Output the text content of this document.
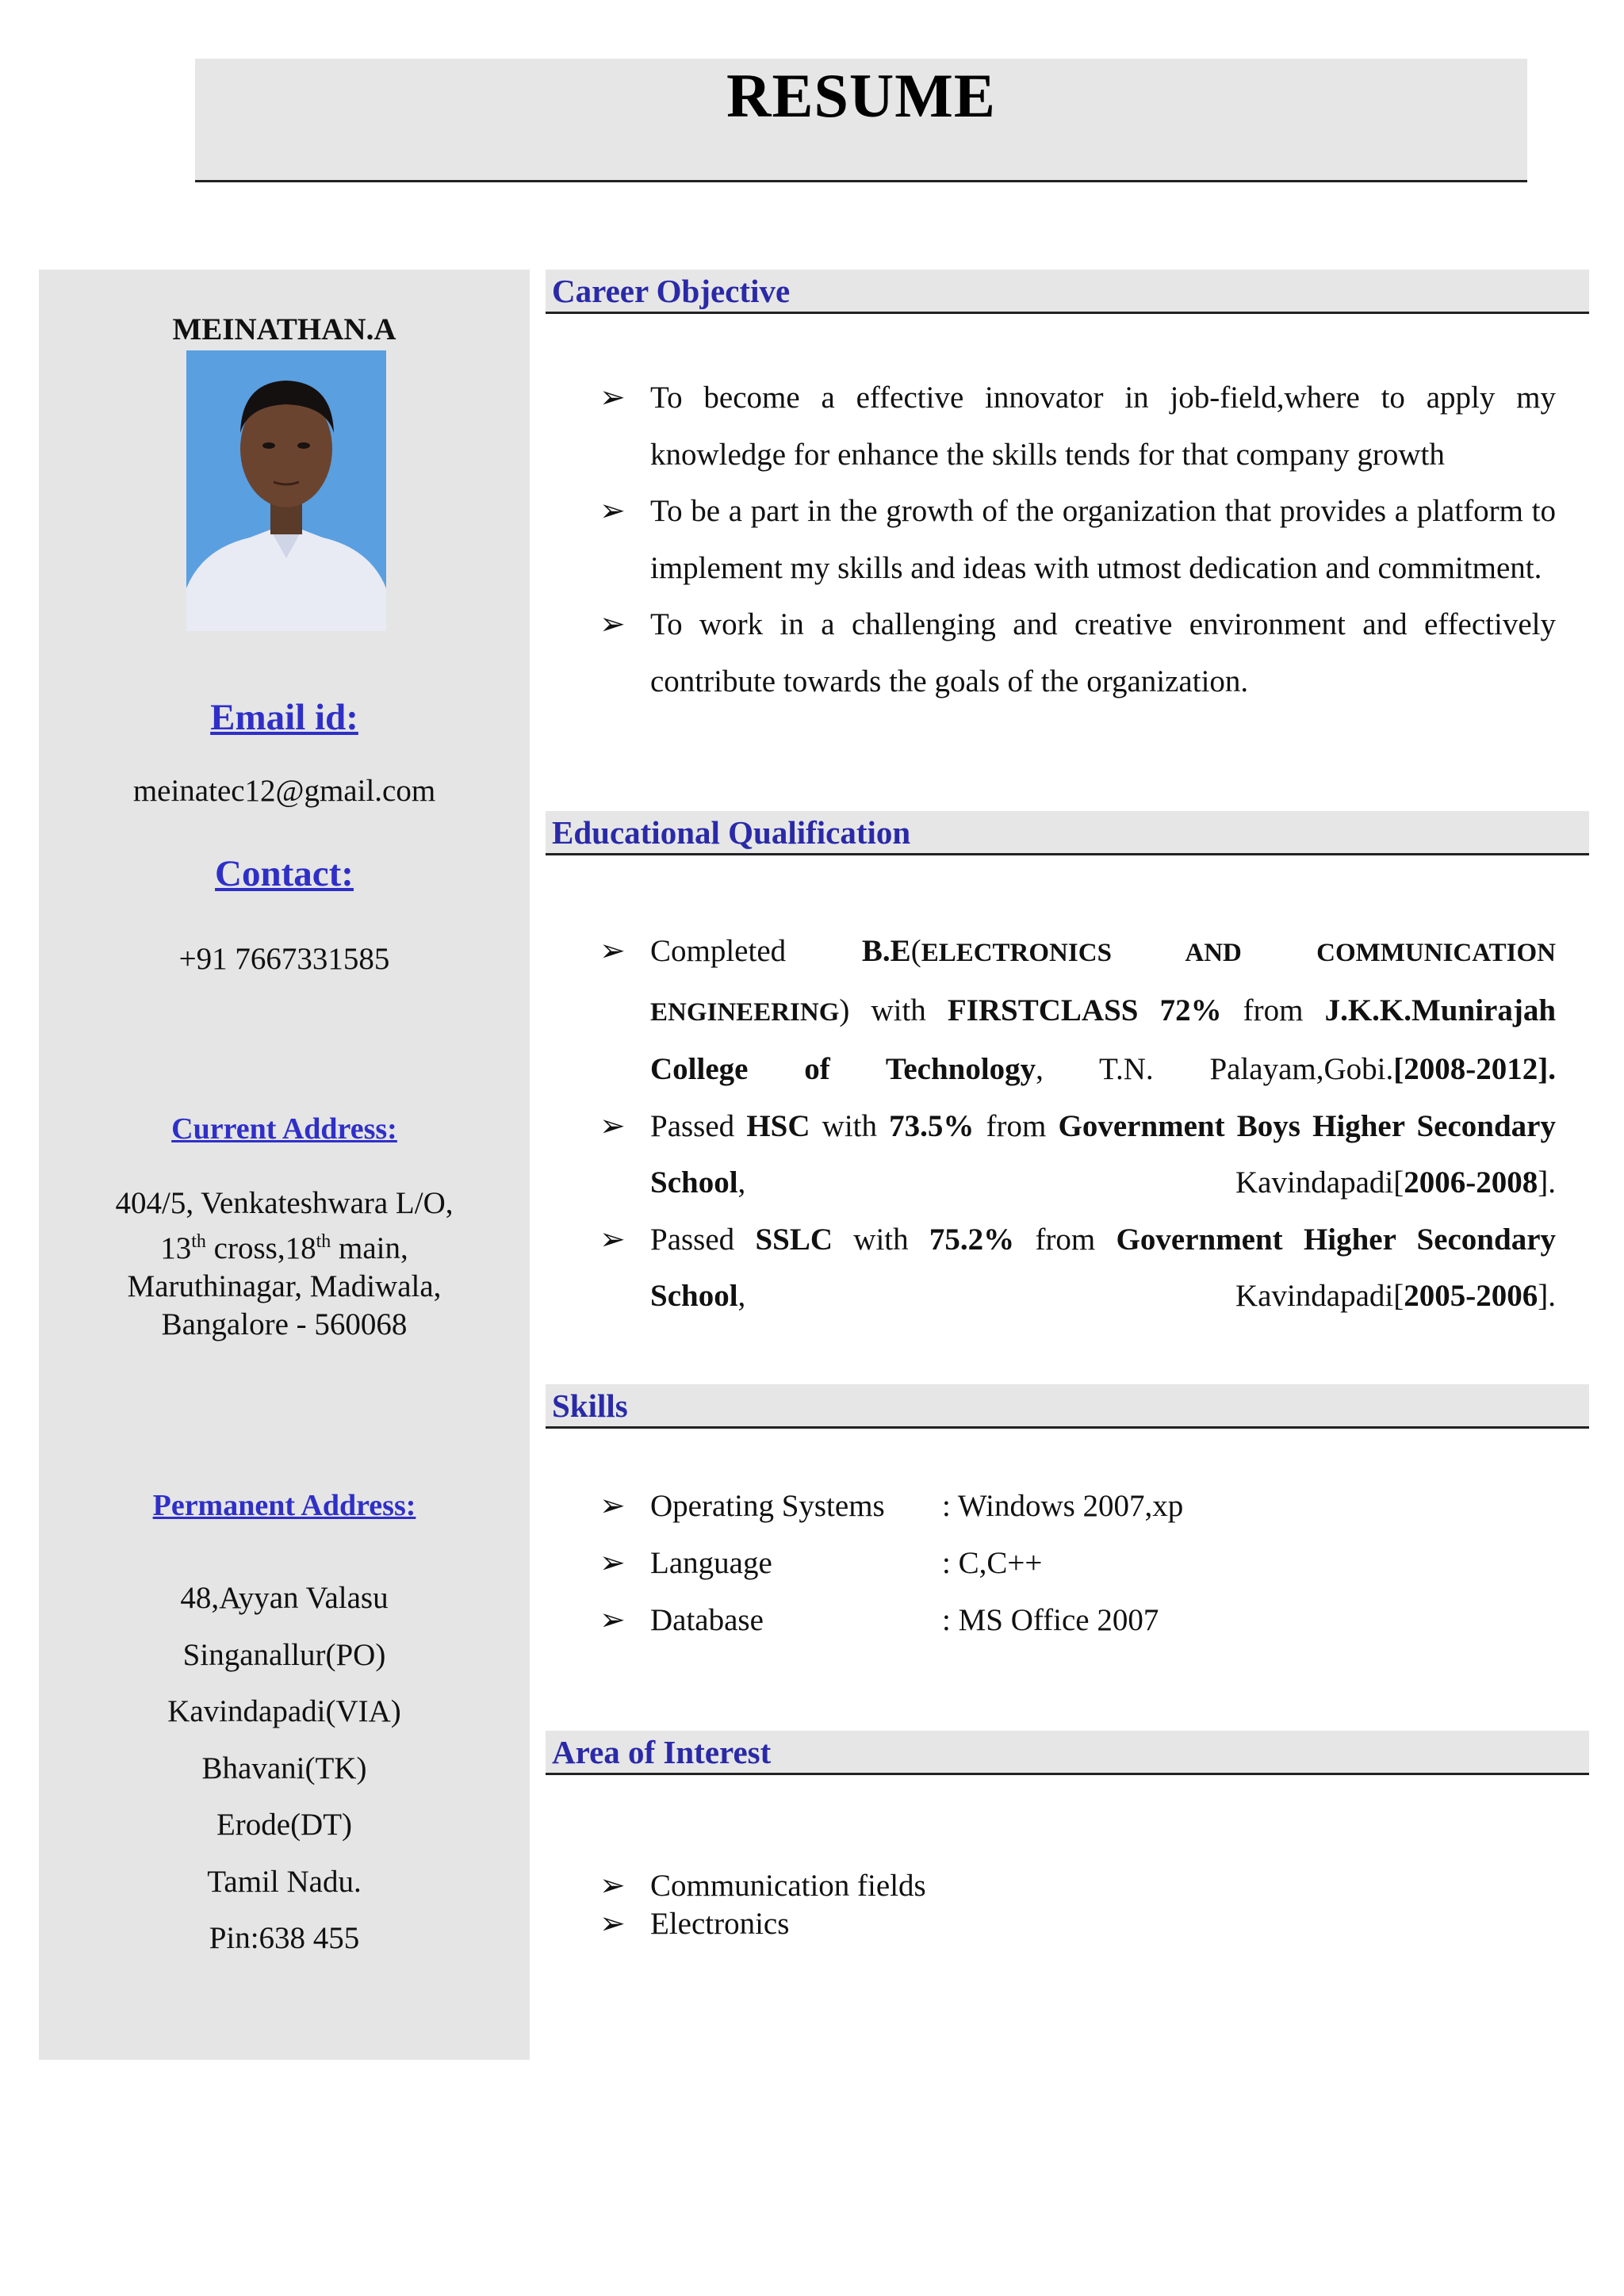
RESUME
MEINATHAN.A
Email id:
meinatec12@gmail.com
Contact:
+91 7667331585
Current Address:
404/5, Venkateshwara L/O,
13th cross,18th main,
Maruthinagar, Madiwala,
Bangalore - 560068
Permanent Address:
48,Ayyan Valasu
Singanallur(PO)
Kavindapadi(VIA)
Bhavani(TK)
Erode(DT)
Tamil Nadu.
Pin:638 455
Career Objective
➢ To become a effective innovator in job-field,where to apply my knowledge for enhance the skills tends for that company growth
➢ To be a part in the growth of the organization that provides a platform to implement my skills and ideas with utmost dedication and commitment.
➢ To work in a challenging and creative environment and effectively contribute towards the goals of the organization.
Educational Qualification
➢ Completed B.E(ELECTRONICS AND COMMUNICATION ENGINEERING) with FIRSTCLASS 72% from J.K.K.Munirajah College of Technology, T.N. Palayam,Gobi.[2008-2012].
➢ Passed HSC with 73.5% from Government Boys Higher Secondary School, Kavindapadi[2006-2008].
➢ Passed SSLC with 75.2% from Government Higher Secondary School, Kavindapadi[2005-2006].
Skills
➢ Operating Systems : Windows 2007,xp
➢ Language	: C,C++
➢ Database	: MS Office 2007
Area of Interest
➢ Communication fields
➢ Electronics
